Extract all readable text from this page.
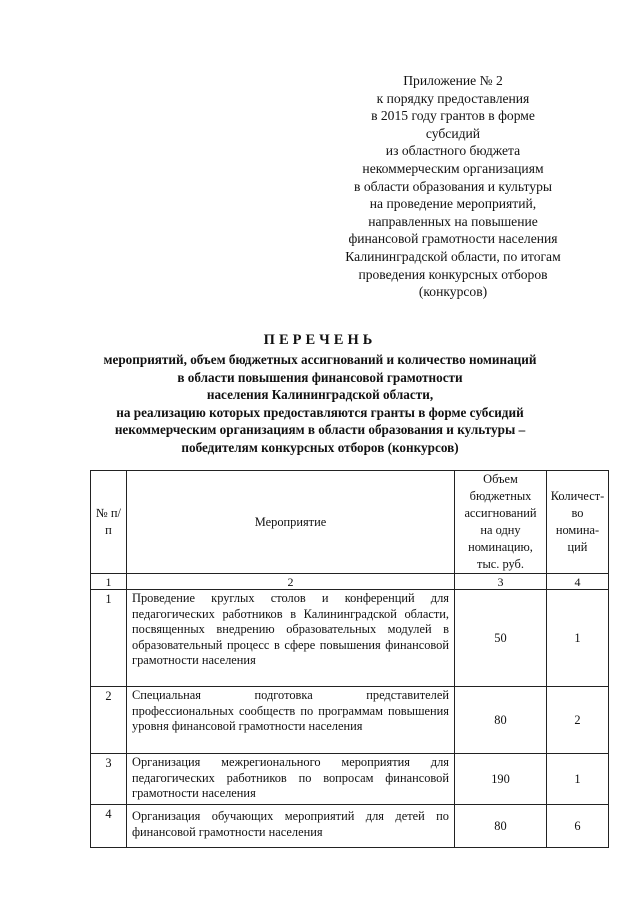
Приложение № 2
к порядку предоставления
в 2015 году грантов в форме
субсидий
из областного бюджета
некоммерческим организациям
в области образования и культуры
на проведение мероприятий,
направленных на повышение
финансовой грамотности населения
Калининградской области, по итогам
проведения конкурсных отборов
(конкурсов)
ПЕРЕЧЕНЬ
мероприятий, объем бюджетных ассигнований и количество номинаций
в области повышения финансовой грамотности
населения Калининградской области,
на реализацию которых предоставляются гранты в форме субсидий
некоммерческим организациям в области образования и культуры –
победителям конкурсных отборов (конкурсов)
№ п/п	Мероприятие	Объем бюджетных ассигнований на одну номинацию, тыс. руб.	Количест-во номина-ций

1	2	3	4
1	Проведение круглых столов и конференций для педагогических работников в Калининградской области, посвященных внедрению образовательных модулей в образовательный процесс в сфере повышения финансовой грамотности населения	50	1
2	Специальная подготовка представителей профессиональных сообществ по программам повышения уровня финансовой грамотности населения	80	2
3	Организация межрегионального мероприятия для педагогических работников по вопросам финансовой грамотности населения	190	1
4	Организация обучающих мероприятий для детей по финансовой грамотности населения	80	6
